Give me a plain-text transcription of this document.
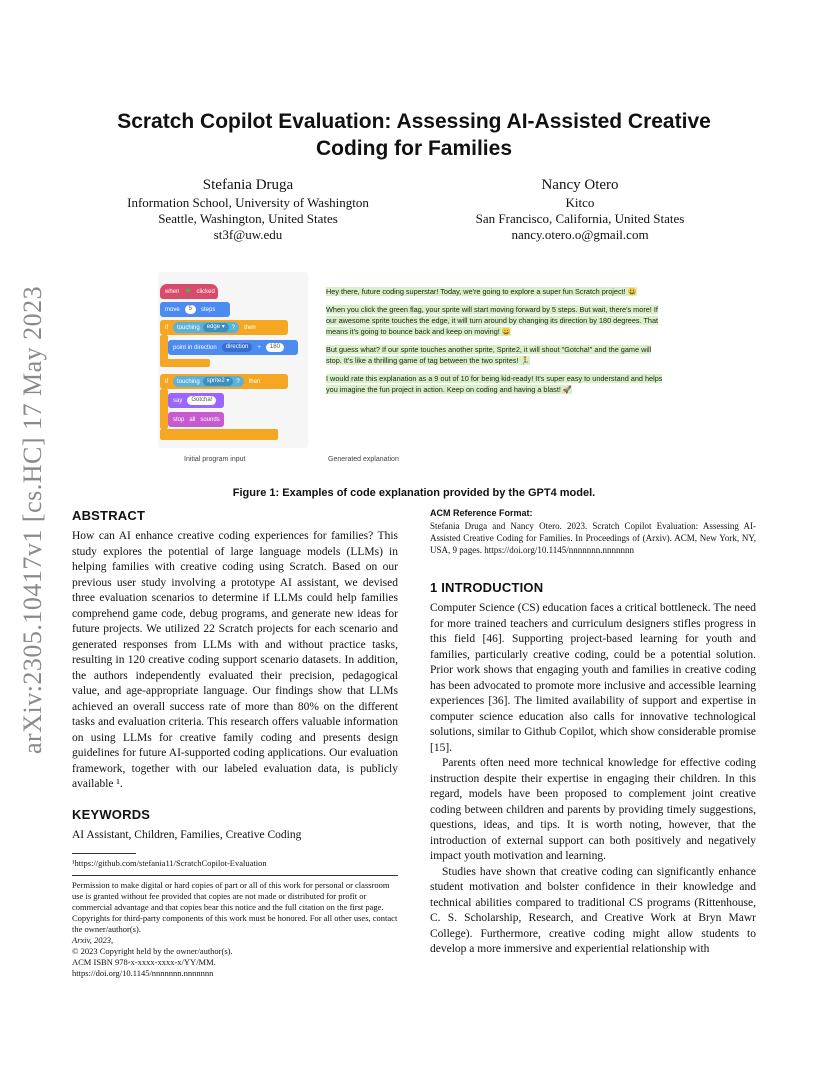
arXiv:2305.10417v1 [cs.HC] 17 May 2023
Scratch Copilot Evaluation: Assessing AI-Assisted Creative Coding for Families
Stefania Druga
Information School, University of Washington
Seattle, Washington, United States
st3f@uw.edu
Nancy Otero
Kitco
San Francisco, California, United States
nancy.otero.o@gmail.com
when ⚑ clicked
move	5	steps
if touching	edge ▾	? then
point in direction	direction	+	180
if touching	sprite2 ▾	? then
say	Gotcha!
stop all sounds
Initial program input

Hey there, future coding superstar! Today, we're going to explore a super fun Scratch project! 😃

When you click the green flag, your sprite will start moving forward by 5 steps. But wait, there's more! If our awesome sprite touches the edge, it will turn around by changing its direction by 180 degrees. That means it's going to bounce back and keep on moving! 😄

But guess what? If our sprite touches another sprite, Sprite2, it will shout "Gotcha!" and the game will stop. It's like a thrilling game of tag between the two sprites! 🏃

I would rate this explanation as a 9 out of 10 for being kid-ready! It's super easy to understand and helps you imagine the fun project in action. Keep on coding and having a blast! 🚀

Generated explanation
Figure 1: Examples of code explanation provided by the GPT4 model.
ABSTRACT

How can AI enhance creative coding experiences for families? This study explores the potential of large language models (LLMs) in helping families with creative coding using Scratch. Based on our previous user study involving a prototype AI assistant, we devised three evaluation scenarios to determine if LLMs could help families comprehend game code, debug programs, and generate new ideas for future projects. We utilized 22 Scratch projects for each scenario and generated responses from LLMs with and without practice tasks, resulting in 120 creative coding support scenario datasets. In addition, the authors independently evaluated their precision, pedagogical value, and age-appropriate language. Our findings show that LLMs achieved an overall success rate of more than 80% on the different tasks and evaluation criteria. This research offers valuable information on using LLMs for creative family coding and presents design guidelines for future AI-supported coding applications. Our evaluation framework, together with our labeled evaluation data, is publicly available ¹.

KEYWORDS

AI Assistant, Children, Families, Creative Coding

¹https://github.com/stefania11/ScratchCopilot-Evaluation
Permission to make digital or hard copies of part or all of this work for personal or classroom use is granted without fee provided that copies are not made or distributed for profit or commercial advantage and that copies bear this notice and the full citation on the first page. Copyrights for third-party components of this work must be honored. For all other uses, contact the owner/author(s).
Arxiv, 2023,
© 2023 Copyright held by the owner/author(s).
ACM ISBN 978-x-xxxx-xxxx-x/YY/MM.
https://doi.org/10.1145/nnnnnnn.nnnnnnn
ACM Reference Format:
Stefania Druga and Nancy Otero. 2023. Scratch Copilot Evaluation: Assessing AI-Assisted Creative Coding for Families. In Proceedings of (Arxiv). ACM, New York, NY, USA, 9 pages. https://doi.org/10.1145/nnnnnnn.nnnnnnn
1 INTRODUCTION

Computer Science (CS) education faces a critical bottleneck. The need for more trained teachers and curriculum designers stifles progress in this field [46]. Supporting project-based learning for youth and families, particularly creative coding, could be a potential solution. Prior work shows that engaging youth and families in creative coding has been advocated to promote more inclusive and accessible learning experiences [36]. The limited availability of support and expertise in computer science education also calls for innovative technological solutions, similar to Github Copilot, which show considerable promise [15].

Parents often need more technical knowledge for effective coding instruction despite their expertise in engaging their children. In this regard, models have been proposed to complement joint creative coding between children and parents by providing timely suggestions, questions, ideas, and tips. It is worth noting, however, that the introduction of external support can both positively and negatively impact youth motivation and learning.

Studies have shown that creative coding can significantly enhance student motivation and bolster confidence in their knowledge and technical abilities compared to traditional CS programs (Rittenhouse, C. S. Scholarship, Research, and Creative Work at Bryn Mawr College). Furthermore, creative coding might allow students to develop a more immersive and experiential relationship with
